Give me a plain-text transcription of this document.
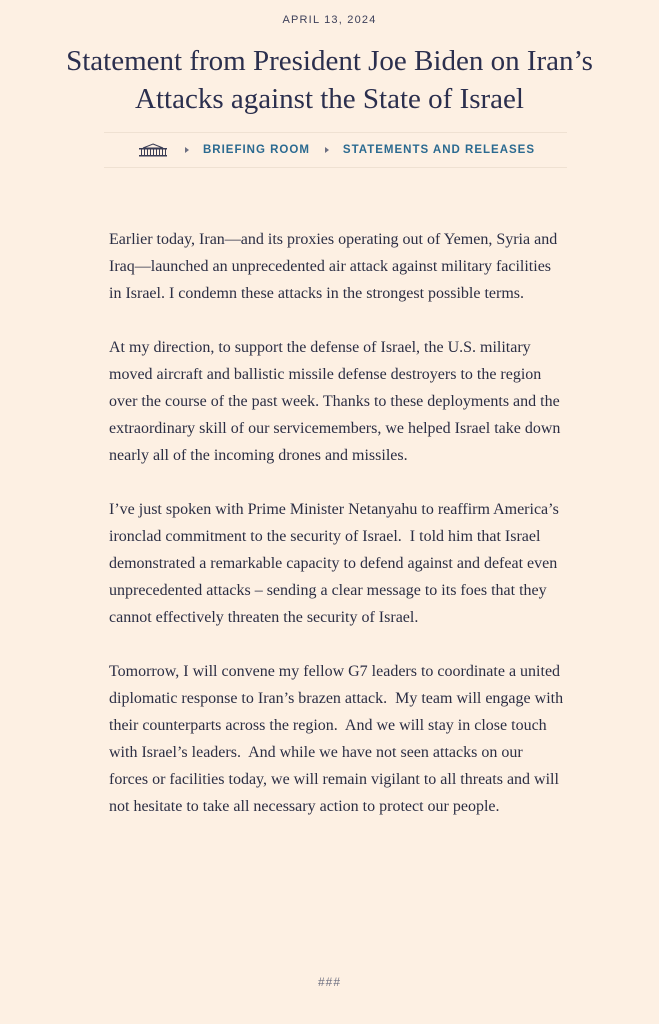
APRIL 13, 2024
Statement from President Joe Biden on Iran’s Attacks against the State of Israel
BRIEFING ROOM	STATEMENTS AND RELEASES

Earlier today, Iran—and its proxies operating out of Yemen, Syria and Iraq—launched an unprecedented air attack against military facilities in Israel. I condemn these attacks in the strongest possible terms.

At my direction, to support the defense of Israel, the U.S. military moved aircraft and ballistic missile defense destroyers to the region over the course of the past week. Thanks to these deployments and the extraordinary skill of our servicemembers, we helped Israel take down nearly all of the incoming drones and missiles.

I’ve just spoken with Prime Minister Netanyahu to reaffirm America’s ironclad commitment to the security of Israel.  I told him that Israel demonstrated a remarkable capacity to defend against and defeat even unprecedented attacks – sending a clear message to its foes that they cannot effectively threaten the security of Israel.

Tomorrow, I will convene my fellow G7 leaders to coordinate a united diplomatic response to Iran’s brazen attack.  My team will engage with their counterparts across the region.  And we will stay in close touch with Israel’s leaders.  And while we have not seen attacks on our forces or facilities today, we will remain vigilant to all threats and will not hesitate to take all necessary action to protect our people.

###
